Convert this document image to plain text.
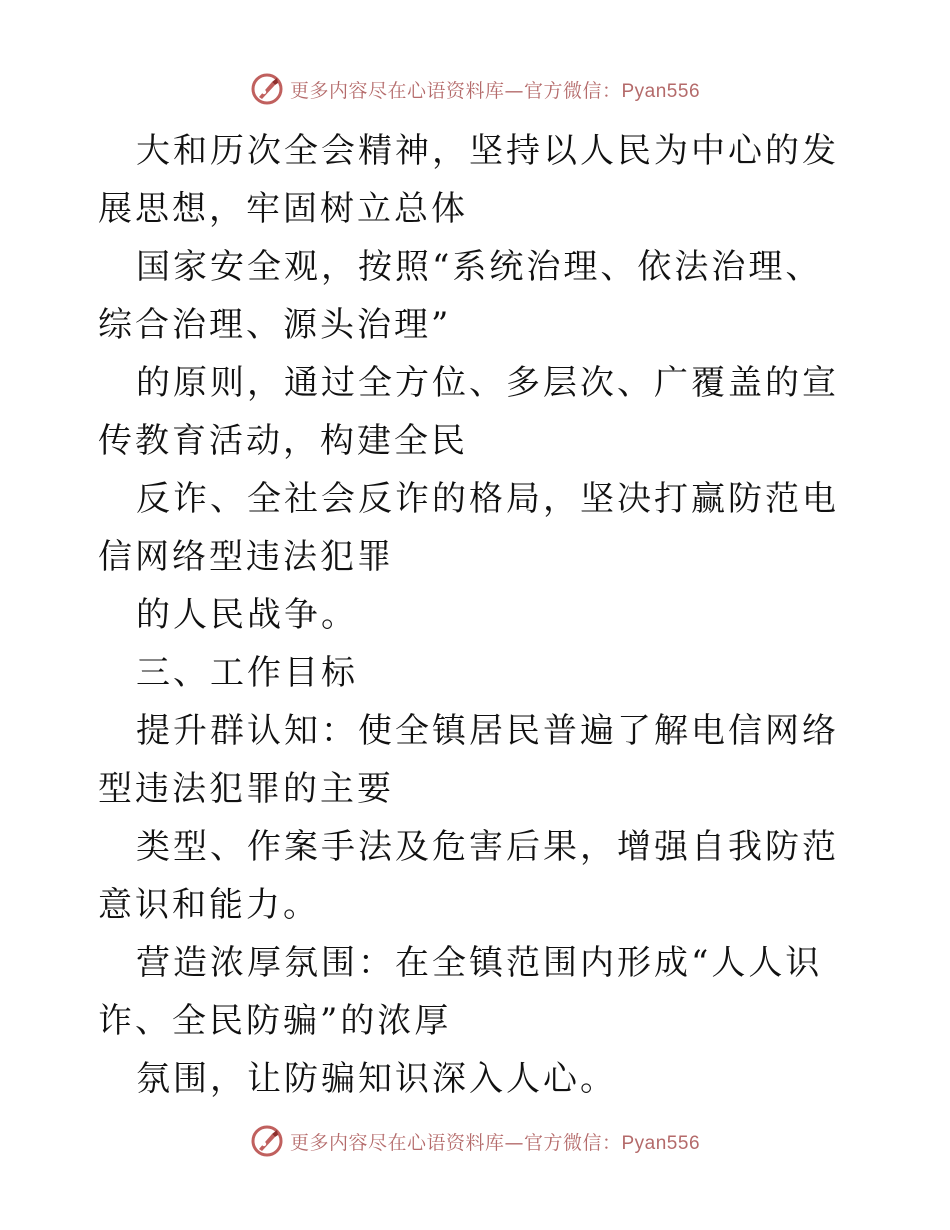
更多内容尽在心语资料库—官方微信：Pyan556

大和历次全会精神，坚持以人民为中心的发展思想，牢固树立总体

国家安全观，按照“系统治理、依法治理、综合治理、源头治理”

的原则，通过全方位、多层次、广覆盖的宣传教育活动，构建全民

反诈、全社会反诈的格局，坚决打赢防范电信网络型违法犯罪

的人民战争。

三、工作目标

提升群认知：使全镇居民普遍了解电信网络型违法犯罪的主要

类型、作案手法及危害后果，增强自我防范意识和能力。

营造浓厚氛围：在全镇范围内形成“人人识诈、全民防骗”的浓厚

氛围，让防骗知识深入人心。

更多内容尽在心语资料库—官方微信：Pyan556
